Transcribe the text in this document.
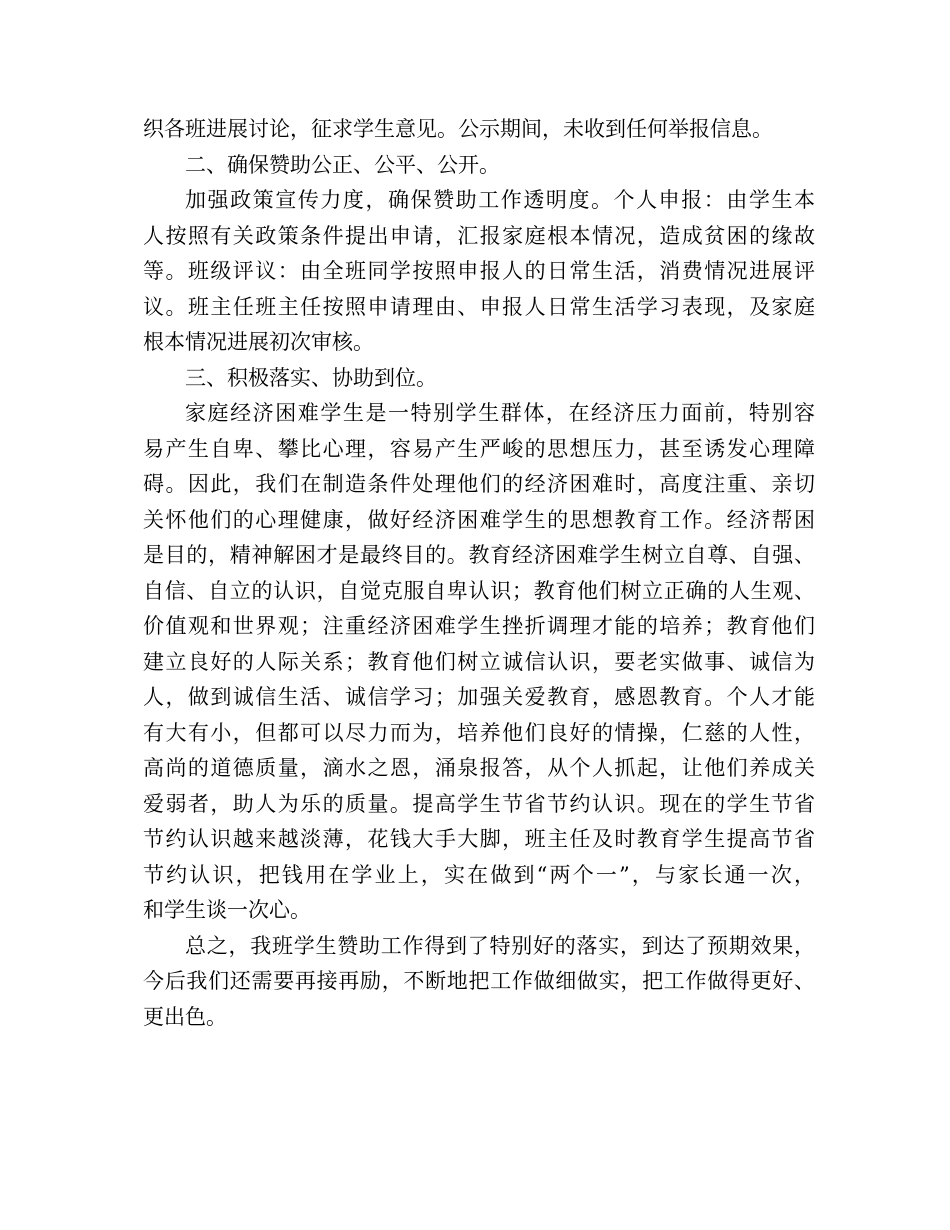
织各班进展讨论，征求学生意见。公示期间，未收到任何举报信息。
二、确保赞助公正、公平、公开。
加强政策宣传力度，确保赞助工作透明度。个人申报：由学生本
人按照有关政策条件提出申请，汇报家庭根本情况，造成贫困的缘故
等。班级评议：由全班同学按照申报人的日常生活，消费情况进展评
议。班主任班主任按照申请理由、申报人日常生活学习表现，及家庭
根本情况进展初次审核。
三、积极落实、协助到位。
家庭经济困难学生是一特别学生群体，在经济压力面前，特别容
易产生自卑、攀比心理，容易产生严峻的思想压力，甚至诱发心理障
碍。因此，我们在制造条件处理他们的经济困难时，高度注重、亲切
关怀他们的心理健康，做好经济困难学生的思想教育工作。经济帮困
是目的，精神解困才是最终目的。教育经济困难学生树立自尊、自强、
自信、自立的认识，自觉克服自卑认识；教育他们树立正确的人生观、
价值观和世界观；注重经济困难学生挫折调理才能的培养；教育他们
建立良好的人际关系；教育他们树立诚信认识，要老实做事、诚信为
人，做到诚信生活、诚信学习；加强关爱教育，感恩教育。个人才能
有大有小，但都可以尽力而为，培养他们良好的情操，仁慈的人性，
高尚的道德质量，滴水之恩，涌泉报答，从个人抓起，让他们养成关
爱弱者，助人为乐的质量。提高学生节省节约认识。现在的学生节省
节约认识越来越淡薄，花钱大手大脚，班主任及时教育学生提高节省
节约认识，把钱用在学业上，实在做到“两个一”，与家长通一次，
和学生谈一次心。
总之，我班学生赞助工作得到了特别好的落实，到达了预期效果，
今后我们还需要再接再励，不断地把工作做细做实，把工作做得更好、
更出色。
